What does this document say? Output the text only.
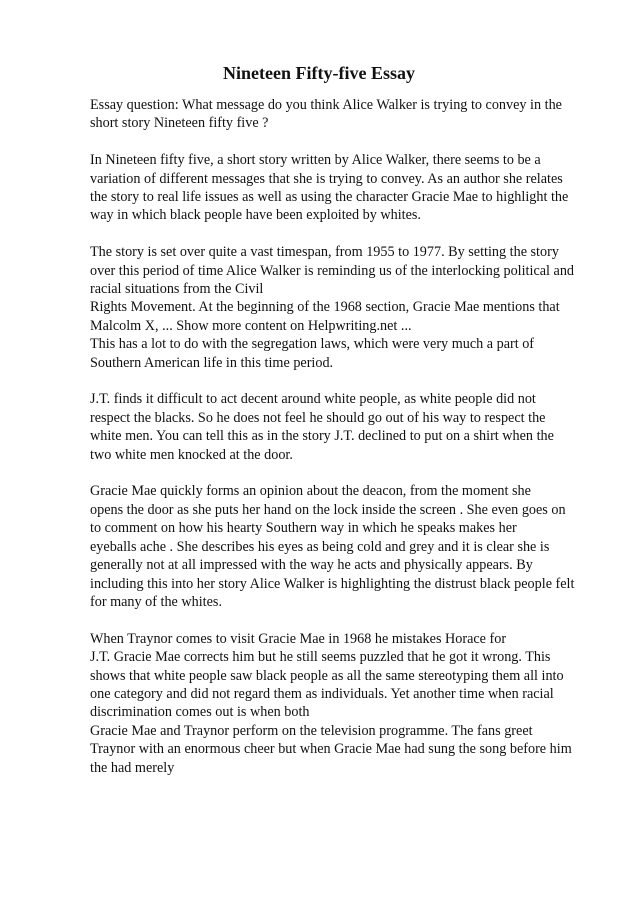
Nineteen Fifty-five Essay

Essay question: What message do you think Alice Walker is trying to convey in the
short story Nineteen fifty five ?

In Nineteen fifty five, a short story written by Alice Walker, there seems to be a
variation of different messages that she is trying to convey. As an author she relates
the story to real life issues as well as using the character Gracie Mae to highlight the
way in which black people have been exploited by whites.

The story is set over quite a vast timespan, from 1955 to 1977. By setting the story
over this period of time Alice Walker is reminding us of the interlocking political and
racial situations from the Civil
Rights Movement. At the beginning of the 1968 section, Gracie Mae mentions that
Malcolm X, ... Show more content on Helpwriting.net ...
This has a lot to do with the segregation laws, which were very much a part of
Southern American life in this time period.

J.T. finds it difficult to act decent around white people, as white people did not
respect the blacks. So he does not feel he should go out of his way to respect the
white men. You can tell this as in the story J.T. declined to put on a shirt when the
two white men knocked at the door.

Gracie Mae quickly forms an opinion about the deacon, from the moment she
opens the door as she puts her hand on the lock inside the screen . She even goes on
to comment on how his hearty Southern way in which he speaks makes her
eyeballs ache . She describes his eyes as being cold and grey and it is clear she is
generally not at all impressed with the way he acts and physically appears. By
including this into her story Alice Walker is highlighting the distrust black people felt
for many of the whites.

When Traynor comes to visit Gracie Mae in 1968 he mistakes Horace for
J.T. Gracie Mae corrects him but he still seems puzzled that he got it wrong. This
shows that white people saw black people as all the same stereotyping them all into
one category and did not regard them as individuals. Yet another time when racial
discrimination comes out is when both
Gracie Mae and Traynor perform on the television programme. The fans greet
Traynor with an enormous cheer but when Gracie Mae had sung the song before him
the had merely
